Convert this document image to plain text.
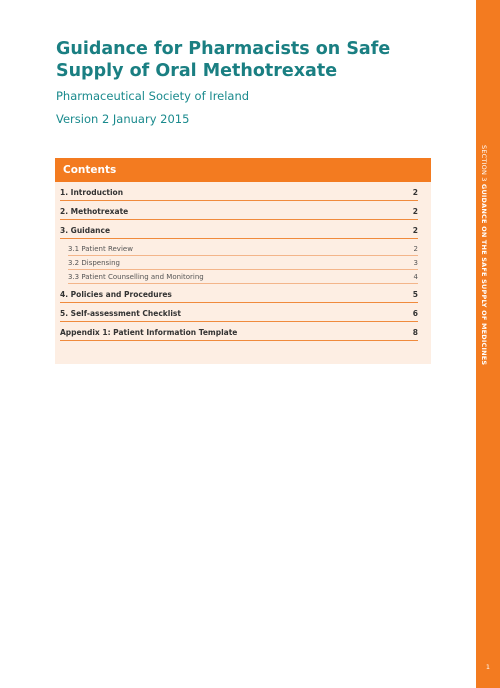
Guidance for Pharmacists on Safe Supply of Oral Methotrexate

Pharmaceutical Society of Ireland

Version 2 January 2015

Contents
1. Introduction	2
2. Methotrexate	2
3. Guidance	2
3.1 Patient Review	2
3.2 Dispensing	3
3.3 Patient Counselling and Monitoring	4
4. Policies and Procedures	5
5. Self-assessment Checklist	6
Appendix 1: Patient Information Template	8
SECTION 3 GUIDANCE ON THE SAFE SUPPLY OF MEDICINES
1
